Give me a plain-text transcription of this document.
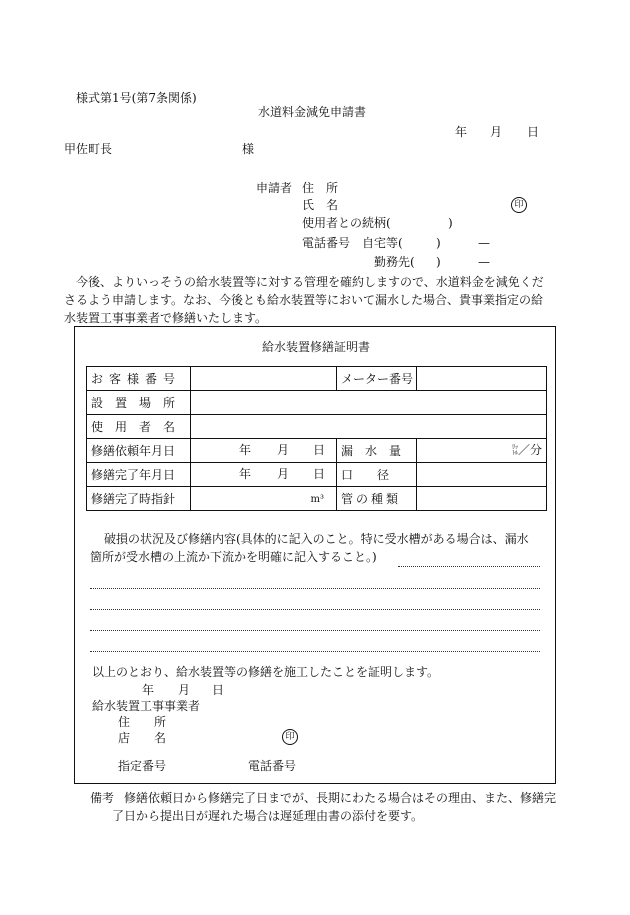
様式第1号(第7条関係)
水道料金減免申請書
年 月 日
甲佐町長	様
申請者 住　所
氏　名	印
使用者との続柄(	)
電話番号 自宅等(	)	—
勤務先( )	—
今後、よりいっそうの給水装置等に対する管理を確約しますので、水道料金を減免くだ
さるよう申請します。なお、今後とも給水装置等において漏水した場合、貴事業指定の給
水装置工事事業者で修繕いたします。
給水装置修繕証明書
お客様番号		メーター番号	
設置場所			
使用者名			
修繕依頼年月日	年 月 日	漏　水　量	ﾘｯ
ﾄﾙ／分
修繕完了年月日	年 月 日	口　　径	
修繕完了時指針	m³	管の種類	
破損の状況及び修繕内容(具体的に記入のこと。特に受水槽がある場合は、漏水
箇所が受水槽の上流か下流かを明確に記入すること。)
以上のとおり、給水装置等の修繕を施工したことを証明します。
年 月 日
給水装置工事事業者
住　　所
店　　名	印
指定番号	電話番号
備考 修繕依頼日から修繕完了日までが、長期にわたる場合はその理由、また、修繕完
了日から提出日が遅れた場合は遅延理由書の添付を要す。
